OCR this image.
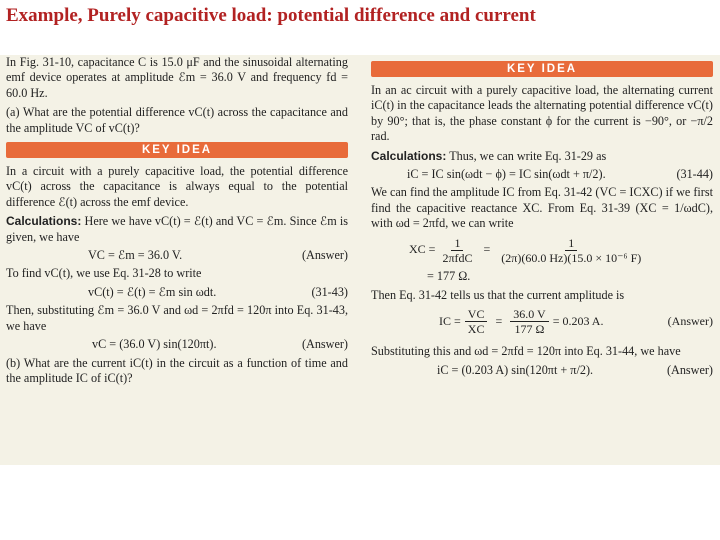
Example, Purely capacitive load: potential difference and current

In Fig. 31-10, capacitance C is 15.0 μF and the sinusoidal alternating emf device operates at amplitude ℰm = 36.0 V and frequency fd = 60.0 Hz.

(a) What are the potential difference vC(t) across the capacitance and the amplitude VC of vC(t)?

KEY IDEA

In a circuit with a purely capacitive load, the potential difference vC(t) across the capacitance is always equal to the potential difference ℰ(t) across the emf device.

Calculations: Here we have vC(t) = ℰ(t) and VC = ℰm. Since ℰm is given, we have

VC = ℰm = 36.0 V.	(Answer)

To find vC(t), we use Eq. 31-28 to write

vC(t) = ℰ(t) = ℰm sin ωdt.	(31-43)

Then, substituting ℰm = 36.0 V and ωd = 2πfd = 120π into Eq. 31-43, we have

vC = (36.0 V) sin(120πt).	(Answer)

(b) What are the current iC(t) in the circuit as a function of time and the amplitude IC of iC(t)?

KEY IDEA

In an ac circuit with a purely capacitive load, the alternating current iC(t) in the capacitance leads the alternating potential difference vC(t) by 90°; that is, the phase constant ϕ for the current is −90°, or −π/2 rad.

Calculations: Thus, we can write Eq. 31-29 as

iC = IC sin(ωdt − ϕ) = IC sin(ωdt + π/2).	(31-44)

We can find the amplitude IC from Eq. 31-42 (VC = ICXC) if we first find the capacitive reactance XC. From Eq. 31-39 (XC = 1/ωdC), with ωd = 2πfd, we can write

XC = $\frac{1}{\text{2πfdC}} = \frac{1}{\text{(2π)(60.0 Hz)(15.0 × 10⁻⁶ F)}}$
= 177 Ω.

Then Eq. 31-42 tells us that the current amplitude is

IC = $\frac{VC}{XC} = \frac{36.0 V}{177 \Omega} = 0.203$ A.	(Answer)

Substituting this and ωd = 2πfd = 120π into Eq. 31-44, we have

iC = (0.203 A) sin(120πt + π/2).	(Answer)
